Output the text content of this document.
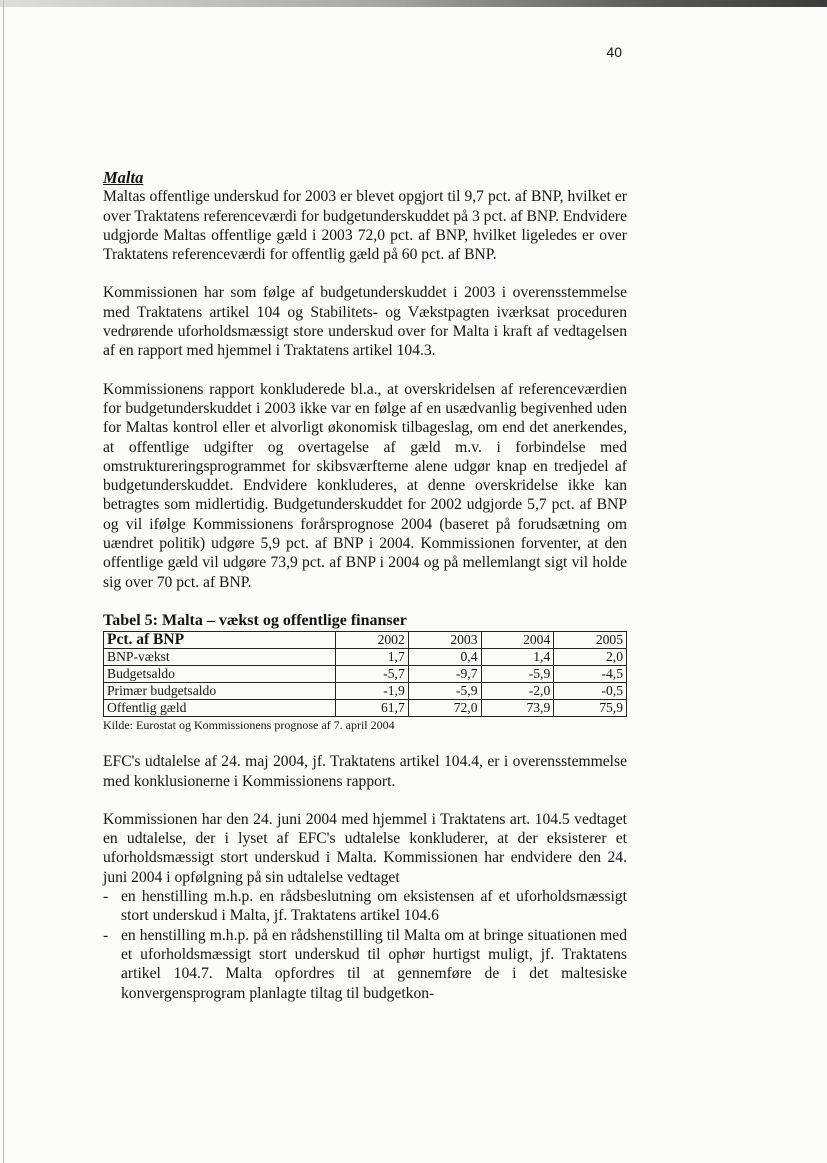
40
Malta

Maltas offentlige underskud for 2003 er blevet opgjort til 9,7 pct. af BNP, hvilket er over Traktatens referenceværdi for budgetunderskuddet på 3 pct. af BNP. Endvidere udgjorde Maltas offentlige gæld i 2003 72,0 pct. af BNP, hvilket ligeledes er over Traktatens referenceværdi for offentlig gæld på 60 pct. af BNP.

Kommissionen har som følge af budgetunderskuddet i 2003 i overensstemmelse med Traktatens artikel 104 og Stabilitets- og Vækstpagten iværksat proceduren vedrørende uforholdsmæssigt store underskud over for Malta i kraft af vedtagelsen af en rapport med hjemmel i Traktatens artikel 104.3.

Kommissionens rapport konkluderede bl.a., at overskridelsen af referenceværdien for budgetunderskuddet i 2003 ikke var en følge af en usædvanlig begivenhed uden for Maltas kontrol eller et alvorligt økonomisk tilbageslag, om end det anerkendes, at offentlige udgifter og overtagelse af gæld m.v. i forbindelse med omstruktureringsprogrammet for skibsværfterne alene udgør knap en tredjedel af budgetunderskuddet. Endvidere konkluderes, at denne overskridelse ikke kan betragtes som midlertidig. Budgetunderskuddet for 2002 udgjorde 5,7 pct. af BNP og vil ifølge Kommissionens forårsprognose 2004 (baseret på forudsætning om uændret politik) udgøre 5,9 pct. af BNP i 2004. Kommissionen forventer, at den offentlige gæld vil udgøre 73,9 pct. af BNP i 2004 og på mellemlangt sigt vil holde sig over 70 pct. af BNP.

Tabel 5: Malta – vækst og offentlige finanser
Pct. af BNP	2002	2003	2004	2005
BNP-vækst	1,7	0,4	1,4	2,0
Budgetsaldo	-5,7	-9,7	-5,9	-4,5
Primær budgetsaldo	-1,9	-5,9	-2,0	-0,5
Offentlig gæld	61,7	72,0	73,9	75,9
Kilde: Eurostat og Kommissionens prognose af 7. april 2004

EFC's udtalelse af 24. maj 2004, jf. Traktatens artikel 104.4, er i overensstemmelse med konklusionerne i Kommissionens rapport.

Kommissionen har den 24. juni 2004 med hjemmel i Traktatens art. 104.5 vedtaget en udtalelse, der i lyset af EFC's udtalelse konkluderer, at der eksisterer et uforholdsmæssigt stort underskud i Malta. Kommissionen har endvidere den 24. juni 2004 i opfølgning på sin udtalelse vedtaget

- en henstilling m.h.p. en rådsbeslutning om eksistensen af et uforholdsmæssigt stort underskud i Malta, jf. Traktatens artikel 104.6
- en henstilling m.h.p. på en rådshenstilling til Malta om at bringe situationen med et uforholdsmæssigt stort underskud til ophør hurtigst muligt, jf. Traktatens artikel 104.7. Malta opfordres til at gennemføre de i det maltesiske konvergensprogram planlagte tiltag til budgetkon-
